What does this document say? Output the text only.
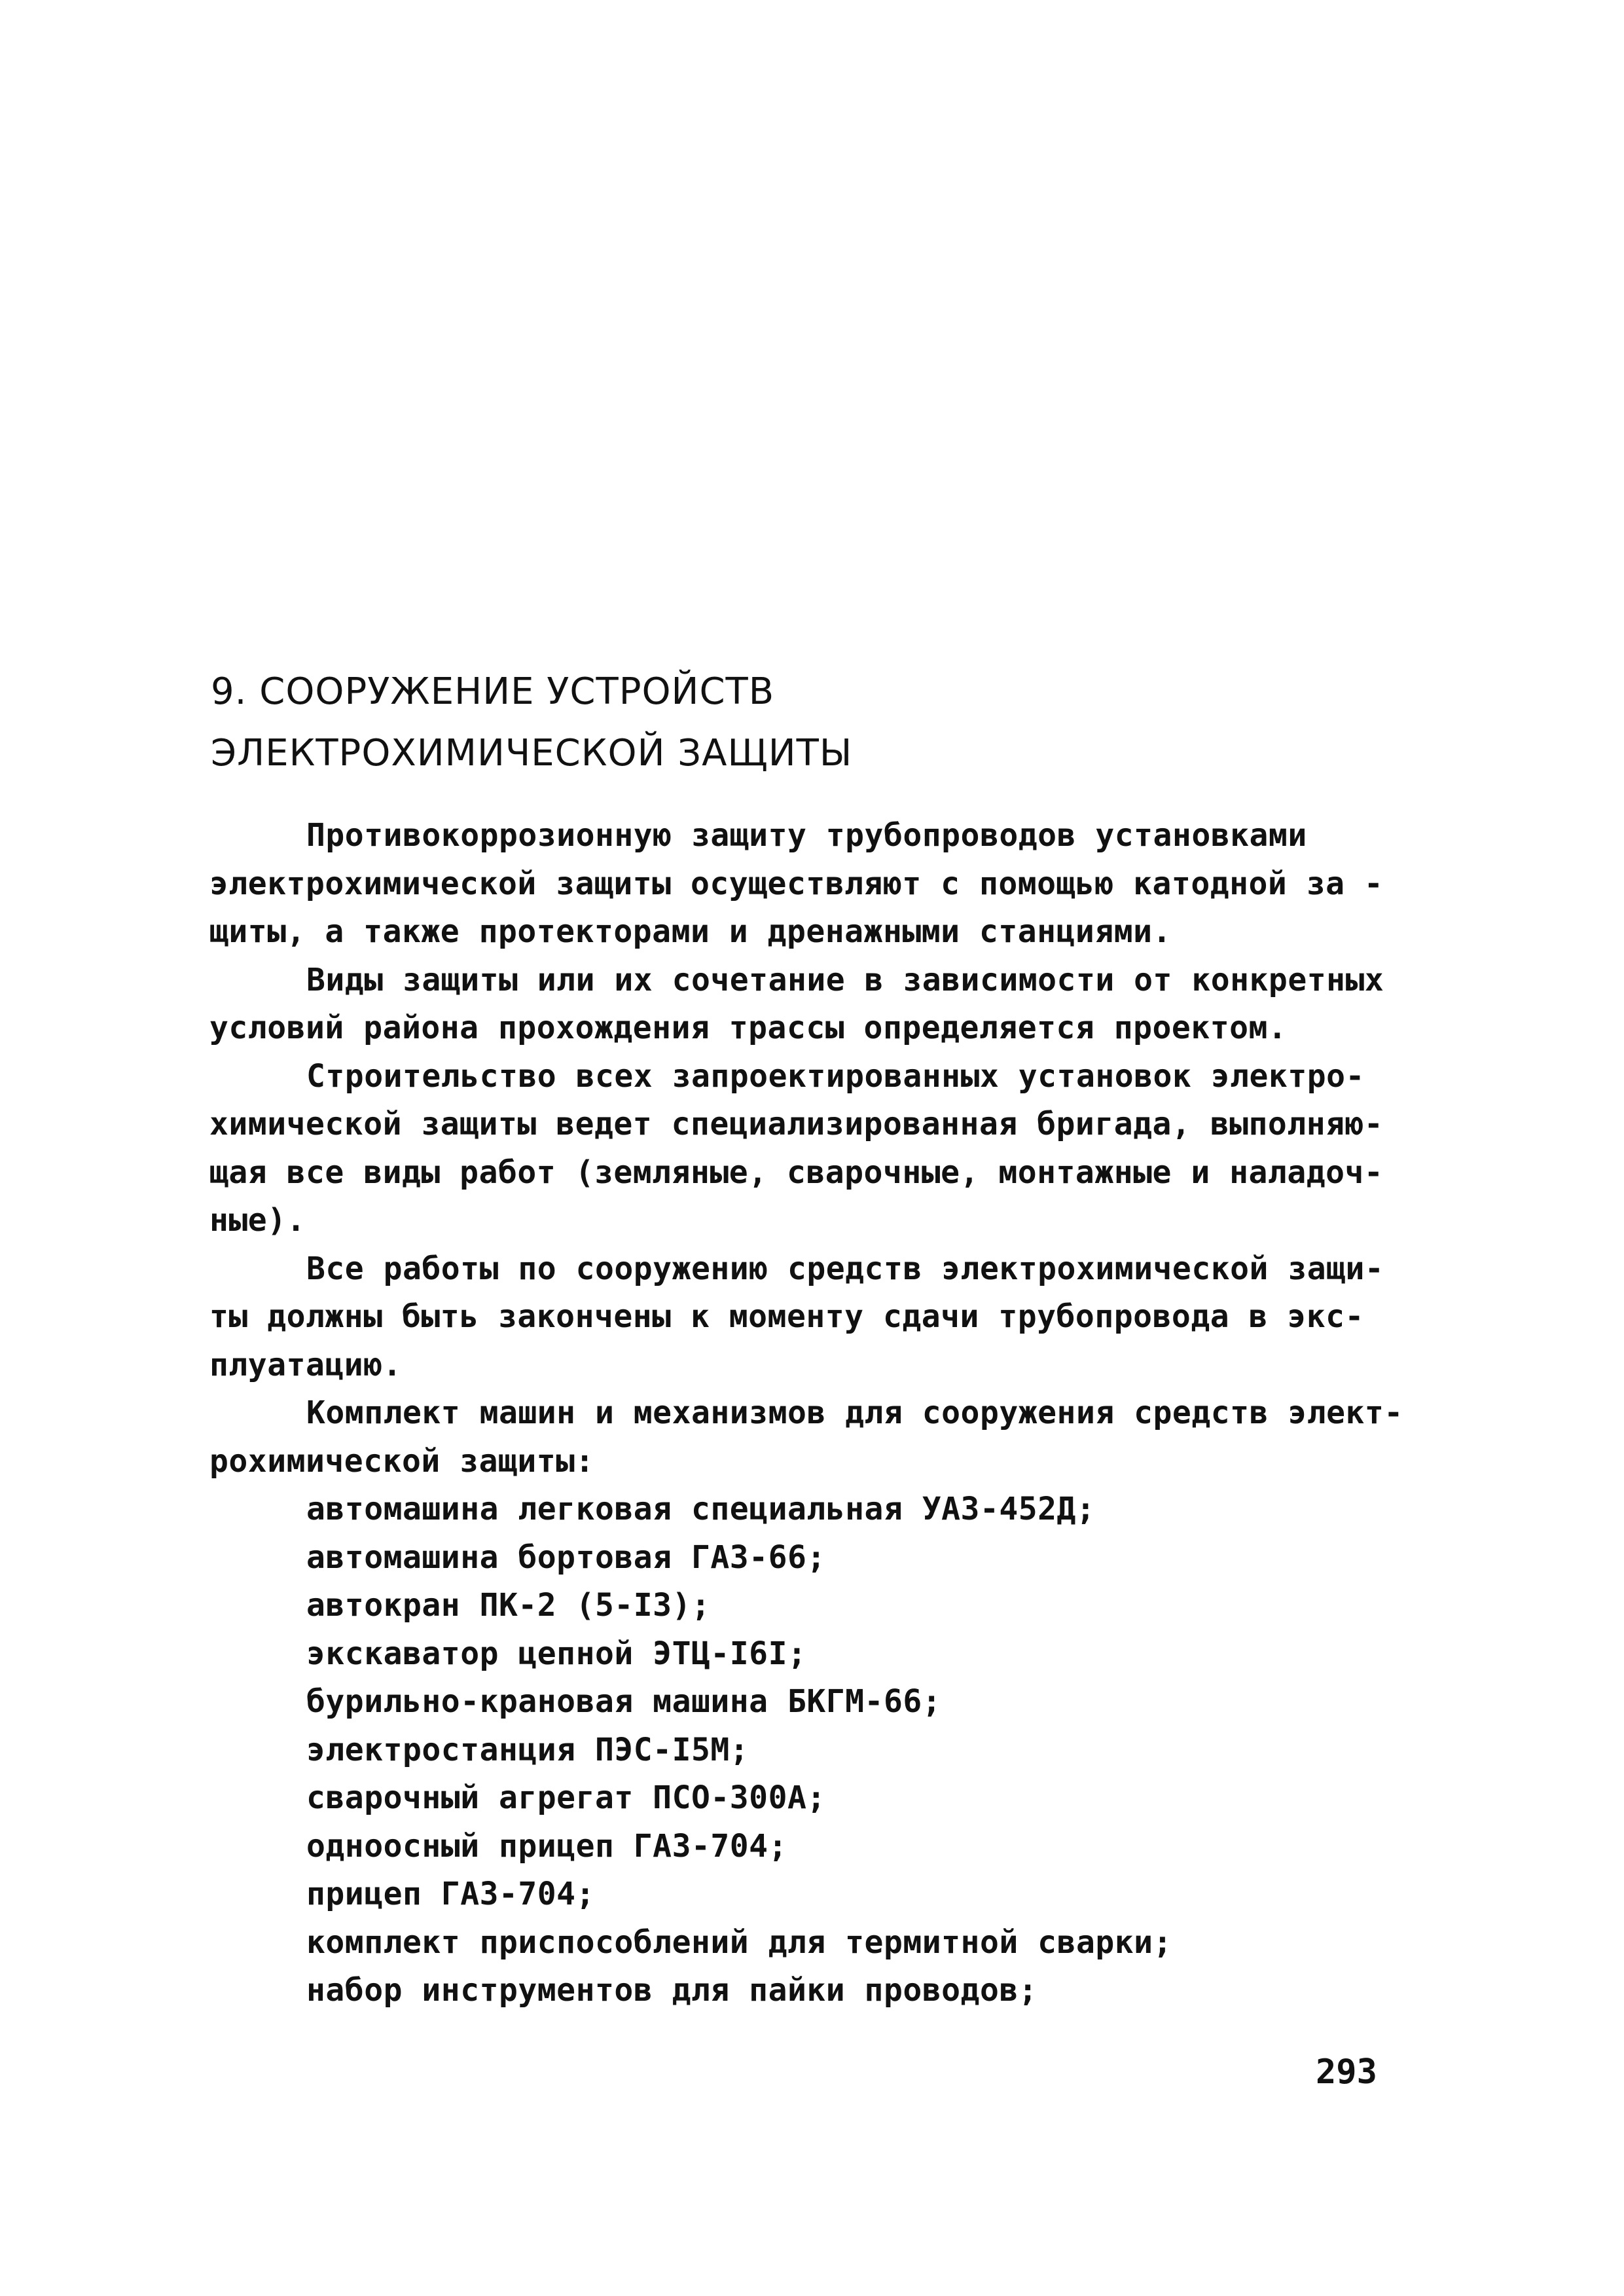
9. СООРУЖЕНИЕ УСТРОЙСТВ
ЭЛЕКТРОХИМИЧЕСКОЙ ЗАЩИТЫ
Противокоррозионную защиту трубопроводов установками
электрохимической защиты осуществляют с помощью катодной за -
щиты, а также протекторами и дренажными станциями.
Виды защиты или их сочетание в зависимости от конкретных
условий района прохождения трассы определяется проектом.
Строительство всех запроектированных установок электро-
химической защиты ведет специализированная бригада, выполняю-
щая все виды работ (земляные, сварочные, монтажные и наладоч-
ные).
Все работы по сооружению средств электрохимической защи-
ты должны быть закончены к моменту сдачи трубопровода в экс-
плуатацию.
Комплект машин и механизмов для сооружения средств элект-
рохимической защиты:
автомашина легковая специальная УАЗ-452Д;
автомашина бортовая ГАЗ-66;
автокран ПК-2 (5-I3);
экскаватор цепной ЭТЦ-I6I;
бурильно-крановая машина БКГМ-66;
электростанция ПЭС-I5М;
сварочный агрегат ПСО-300А;
одноосный прицеп ГАЗ-704;
прицеп ГАЗ-704;
комплект приспособлений для термитной сварки;
набор инструментов для пайки проводов;
293
